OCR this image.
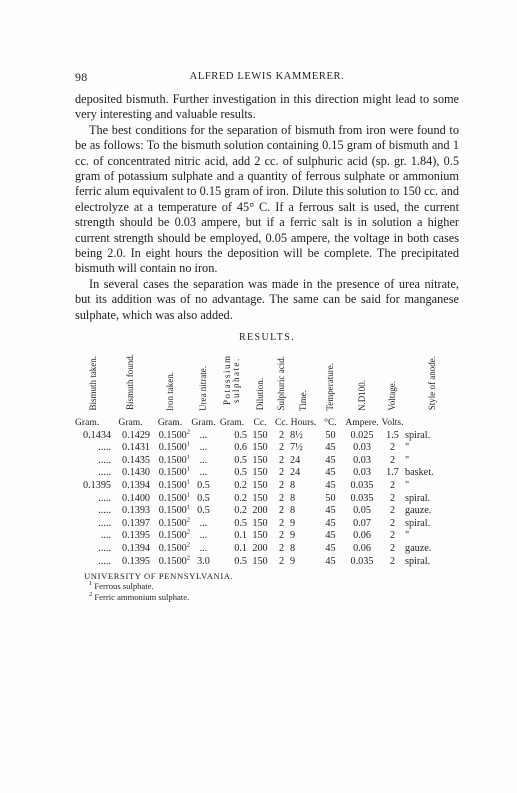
98	ALFRED LEWIS KAMMERER.

deposited bismuth. Further investigation in this direction might lead to some very interesting and valuable results.

The best conditions for the separation of bismuth from iron were found to be as follows: To the bismuth solution containing 0.15 gram of bismuth and 1 cc. of concentrated nitric acid, add 2 cc. of sulphuric acid (sp. gr. 1.84), 0.5 gram of potassium sulphate and a quantity of ferrous sulphate or ammonium ferric alum equivalent to 0.15 gram of iron. Dilute this solution to 150 cc. and electrolyze at a temperature of 45° C. If a ferrous salt is used, the current strength should be 0.03 ampere, but if a ferric salt is in solution a higher current strength should be employed, 0.05 ampere, the voltage in both cases being 2.0. In eight hours the deposition will be complete. The precipitated bismuth will contain no iron.

In several cases the separation was made in the presence of urea nitrate, but its addition was of no advantage. The same can be said for manganese sulphate, which was also added.

RESULTS.
Bismuth taken.	Bismuth found.	Iron taken.	Urea nitrate.	Potassium sulphate.	Dilution.	Sulphuric acid.	Time.	Temperature.	N.D100.	Voltage.	Style of anode.
Gram.	Gram.	Gram.	Gram.	Gram.	Cc.	Cc.	Hours.	°C.	Ampere.	Volts.	
0.1434	0.1429	0.1500$^2$	...	0.5	150	2	8½	50	0.025	1.5	spiral.
.....	0.1431	0.1500$^1$	...	0.6	150	2	7½	45	0.03	2	"
.....	0.1435	0.1500$^1$	...	0.5	150	2	24	45	0.03	2	"
.....	0.1430	0.1500$^1$	...	0.5	150	2	24	45	0.03	1.7	basket.
0.1395	0.1394	0.1500$^1$	0.5	0.2	150	2	8	45	0.035	2	"
.....	0.1400	0.1500$^1$	0.5	0.2	150	2	8	50	0.035	2	spiral.
.....	0.1393	0.1500$^1$	0.5	0.2	200	2	8	45	0.05	2	gauze.
.....	0.1397	0.1500$^2$	...	0.5	150	2	9	45	0.07	2	spiral.
....	0.1395	0.1500$^2$	...	0.1	150	2	9	45	0.06	2	"
.....	0.1394	0.1500$^2$	...	0.1	200	2	8	45	0.06	2	gauze.
.....	0.1395	0.1500$^2$	3.0	0.5	150	2	9	45	0.035	2	spiral.
UNIVERSITY OF PENNSYLVANIA.
$^1$ Ferrous sulphate.
$^2$ Ferric ammonium sulphate.
